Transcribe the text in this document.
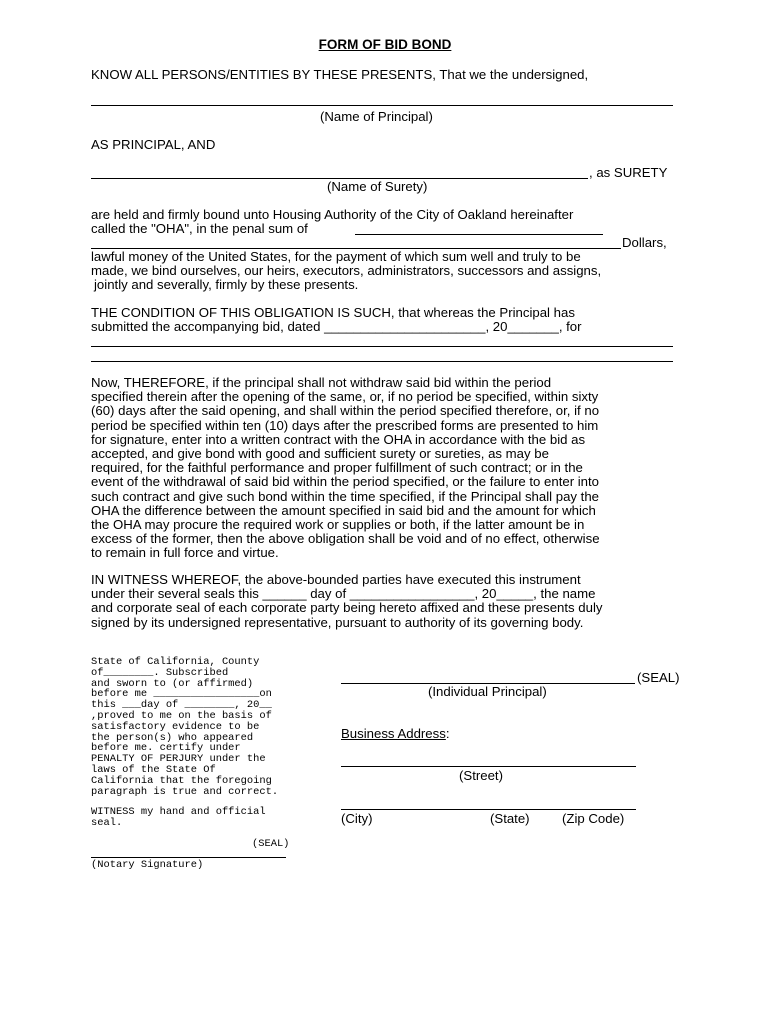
FORM OF BID BOND
KNOW ALL PERSONS/ENTITIES BY THESE PRESENTS, That we the undersigned,
(Name of Principal)
AS PRINCIPAL, AND
, as SURETY
(Name of Surety)
are held and firmly bound unto Housing Authority of the City of Oakland hereinafter
called the "OHA", in the penal sum of
Dollars,
lawful money of the United States, for the payment of which sum well and truly to be
made, we bind ourselves, our heirs, executors, administrators, successors and assigns,
jointly and severally, firmly by these presents.
THE CONDITION OF THIS OBLIGATION IS SUCH, that whereas the Principal has
submitted the accompanying bid, dated ______________________, 20_______, for
Now, THEREFORE, if the principal shall not withdraw said bid within the period
specified therein after the opening of the same, or, if no period be specified, within sixty
(60) days after the said opening, and shall within the period specified therefore, or, if no
period be specified within ten (10) days after the prescribed forms are presented to him
for signature, enter into a written contract with the OHA in accordance with the bid as
accepted, and give bond with good and sufficient surety or sureties, as may be
required, for the faithful performance and proper fulfillment of such contract; or in the
event of the withdrawal of said bid within the period specified, or the failure to enter into
such contract and give such bond within the time specified, if the Principal shall pay the
OHA the difference between the amount specified in said bid and the amount for which
the OHA may procure the required work or supplies or both, if the latter amount be in
excess of the former, then the above obligation shall be void and of no effect, otherwise
to remain in full force and virtue.
IN WITNESS WHEREOF, the above-bounded parties have executed this instrument
under their several seals this ______ day of _________________, 20_____, the name
and corporate seal of each corporate party being hereto affixed and these presents duly
signed by its undersigned representative, pursuant to authority of its governing body.
State of California, County
of________. Subscribed
and sworn to (or affirmed)
before me _________________on
this ___day of ________, 20__
,proved to me on the basis of
satisfactory evidence to be
the person(s) who appeared
before me. certify under
PENALTY OF PERJURY under the
laws of the State Of
California that the foregoing
paragraph is true and correct.
WITNESS my hand and official
seal.
(SEAL)
(Notary Signature)
(SEAL)
(Individual Principal)
Business Address:
(Street)
(City)	(State) (Zip Code)
